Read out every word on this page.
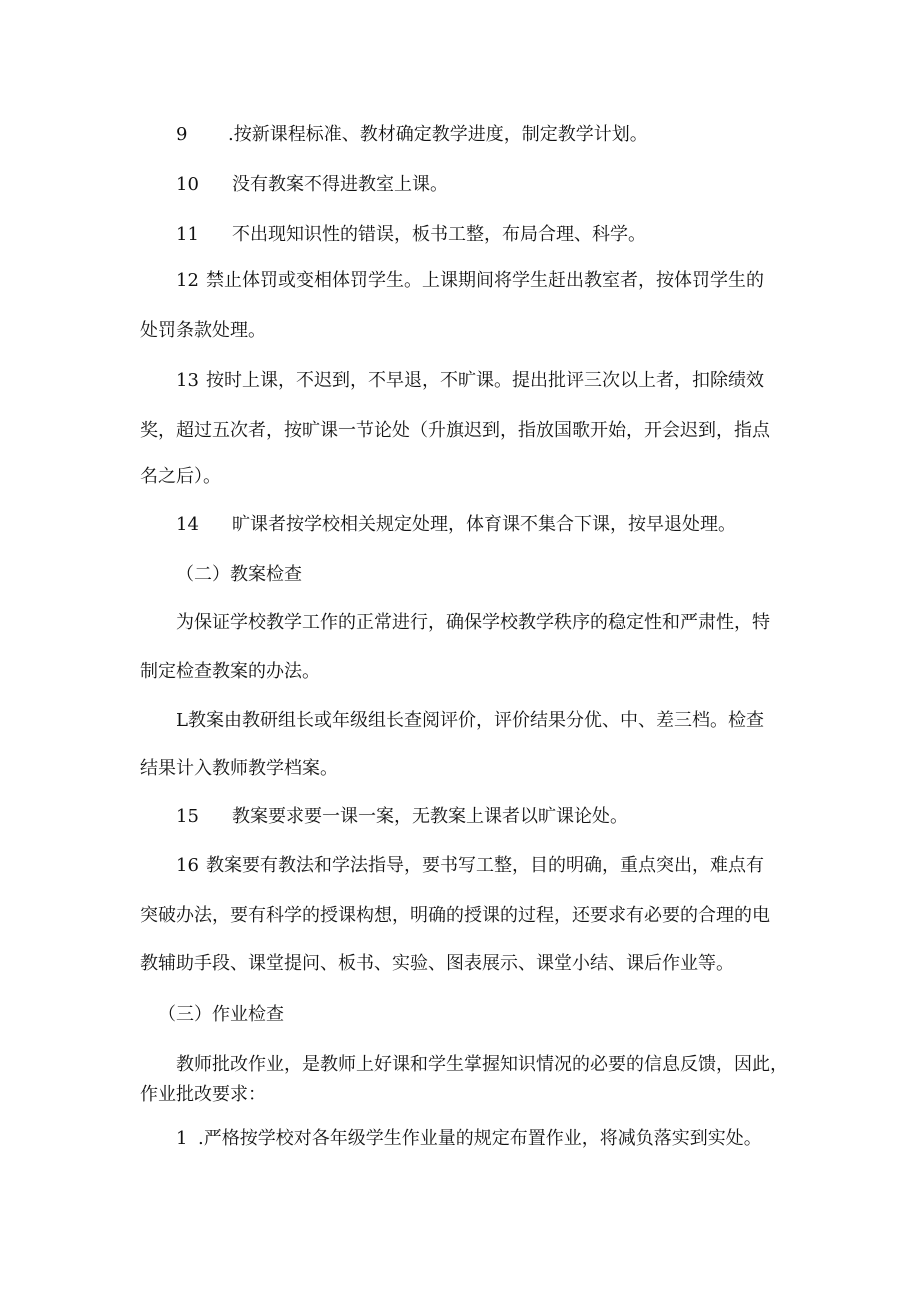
9 .按新课程标准、教材确定教学进度，制定教学计划。
10 没有教案不得进教室上课。
11 不出现知识性的错误，板书工整，布局合理、科学。
12 禁止体罚或变相体罚学生。上课期间将学生赶出教室者，按体罚学生的
处罚条款处理。
13 按时上课，不迟到，不早退，不旷课。提出批评三次以上者，扣除绩效
奖，超过五次者，按旷课一节论处（升旗迟到，指放国歌开始，开会迟到，指点
名之后）。
14 旷课者按学校相关规定处理，体育课不集合下课，按早退处理。
（二）教案检查
为保证学校教学工作的正常进行，确保学校教学秩序的稳定性和严肃性，特
制定检查教案的办法。
L教案由教研组长或年级组长查阅评价，评价结果分优、中、差三档。检查
结果计入教师教学档案。
15 教案要求要一课一案，无教案上课者以旷课论处。
16 教案要有教法和学法指导，要书写工整，目的明确，重点突出，难点有
突破办法，要有科学的授课构想，明确的授课的过程，还要求有必要的合理的电
教辅助手段、课堂提问、板书、实验、图表展示、课堂小结、课后作业等。
（三）作业检查
教师批改作业，是教师上好课和学生掌握知识情况的必要的信息反馈，因此，
作业批改要求：
1 .严格按学校对各年级学生作业量的规定布置作业，将减负落实到实处。
